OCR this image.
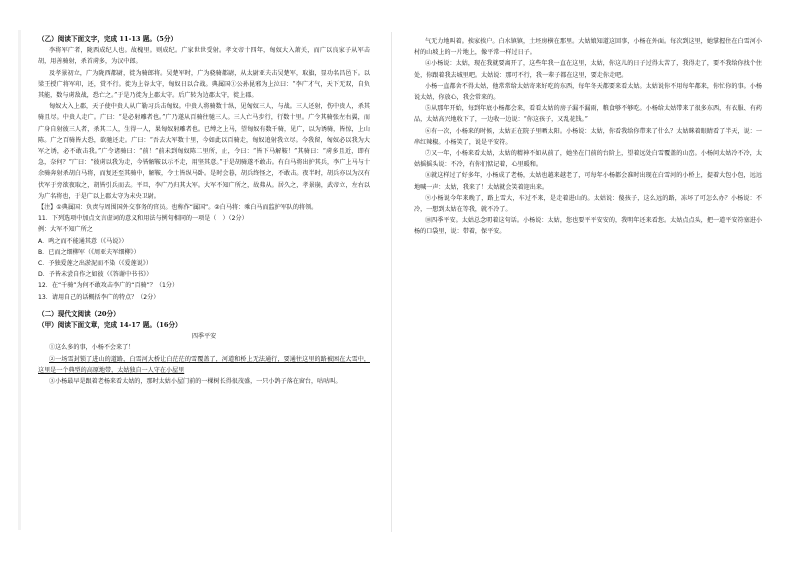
（乙）阅读下面文字，完成 11-13 题。（5分）

李将军广者，陇西成纪人也。故槐里。则成纪。广家世世受射。孝文帝十四年，匈奴大入萧关，而广以良家子从军击胡，用善骑射，杀首虏多，为汉中郎。

及孝景初立，广为陇西都尉，徙为骑郎将。吴楚军时，广为骁骑都尉，从太尉亚夫击吴楚军，取旗，显功名昌邑下。以梁王授广将军印，还，赏不行。徙为上谷太守，匈奴日以合战。典属国①公孙昆邪为上泣曰：“李广才气，天下无双，自负其能，数与虏敌战，恐亡之。”于是乃徙为上郡太守。后广转为边郡太守，徙上郡。

匈奴大入上郡，天子使中贵人从广勒习兵击匈奴。中贵人将骑数十纵，见匈奴三人，与战。三人还射，伤中贵人，杀其骑且尽。中贵人走广。广曰：“是必射雕者也。”广乃遂从百骑往驰三人。三人亡马步行，行数十里。广令其骑张左右翼，而广身自射彼三人者，杀其二人，生得一人，果匈奴射雕者也。已缚之上马，望匈奴有数千骑，见广，以为诱骑，皆惊，上山陈。广之百骑皆大恐，欲驰还走。广曰：“吾去大军数十里，今如此以百骑走，匈奴追射我立尽。今我留，匈奴必以我为大军之诱，必不敢击我。”广令诸骑曰：“前！”前未到匈奴陈二里所，止，令曰：“皆下马解鞍！”其骑曰：“虏多且近，即有急，奈何？”广曰：“彼虏以我为走，今皆解鞍以示不走，用坚其意。”于是胡骑遂不敢击。有白马将出护其兵，李广上马与十余骑奔射杀胡白马将，而复还至其骑中，解鞍，令士皆纵马卧。是时会暮，胡兵终怪之，不敢击。夜半时，胡兵亦以为汉有伏军于旁欲夜取之，胡皆引兵而去。平旦，李广乃归其大军。大军不知广所之，故弗从。居久之，孝景崩，武帝立，左右以为广名将也，于是广以上郡太守为未央卫尉。

【注】①典属国：负责与周围国外交事务的官员。也称作“属国”。②白马将：乘白马而监护军队的将领。

11．下列选项中加点文言虚词的意义和用法与例句相同的一项是（　）（2分）

例：大军不知广所之

A．鸣之而不能通其意（《马说》）

B．已而之细柳军（《周亚夫军细柳》）

C．予独爱莲之出淤泥而不染（《爱莲说》）

D．予皆未尝自作之如彼（《答谢中书书》）

12．在“千骑”为何不敢攻击李广的“百骑”？（1分）

13．请用自己的话概括李广的特点？（2分）

（二）现代文阅读（20分）

（甲）阅读下面文章，完成 14-17 题。（16分）

四季平安

①这么多的事，小杨不会来了！

②一场雪封锁了进山的道路，白雪河大桥让白茫茫的雪覆盖了，河道和桥上无法通行，要通往这里的路被困在大雪中，这里是一个典型的高原地带，太姑独自一人守在小屋里

③小杨最早是跟着老杨来看太姑的，那时太姑小屋门前的一棵树长得很茂盛，一只小鸽子落在窗台，咕咕叫。

气无力地叫着。挨家挨户。白水镇镇，土坯房横在那里。大姑娘知道这回事，小杨在外面。每次到这里，她掌握住在白雪河小村的山坡上的一片地上，像平常一样过日子。

④小杨说：太姑，现在我就要离开了，这些年我一直在这里，太姑，你这儿的日子过得太苦了，我得走了，要不我给你找个住处，你跟着我去城里吧。太姑说：那可不行，我一辈子都在这里，要走你走吧。

小杨一直都舍不得太姑，他常常给太姑寄来好吃的东西，每年冬天都要来看太姑。太姑说你不用每年都来，你忙你的事。小杨说太姑，你放心，我会常来的。

⑤从那年开始，每到年底小杨都会来，看看太姑的房子漏不漏雨，粮食够不够吃。小杨给太姑带来了很多东西，有衣服、有药品，太姑高兴地收下了，一边收一边说：“你这孩子，又乱花钱。”

⑥有一次，小杨来的时候，太姑正在院子里晒太阳。小杨说：太姑，你看我给你带来了什么？太姑眯着眼睛看了半天，说：一串红辣椒。小杨笑了，说是平安符。

⑦又一年，小杨来看太姑，太姑的精神不如从前了，她坐在门前的台阶上，望着远处白雪覆盖的山峦。小杨问太姑冷不冷，太姑摇摇头说：不冷，有你们惦记着，心里暖和。

⑧就这样过了好多年，小杨成了老杨，太姑也越来越老了，可每年小杨都会准时出现在白雪河的小桥上，提着大包小包，远远地喊一声：太姑，我来了！太姑就会笑着迎出来。

⑨小杨说今年来晚了，路上雪大，车过不来，是走着进山的。太姑说：傻孩子，这么远的路，冻坏了可怎么办？小杨说：不冷，一想到太姑在等我，就不冷了。

⑩四季平安。太姑总念叨着这句话。小杨说：太姑，您也要平平安安的，我明年还来看您。太姑点点头，把一道平安符塞进小杨的口袋里，说：带着，保平安。
